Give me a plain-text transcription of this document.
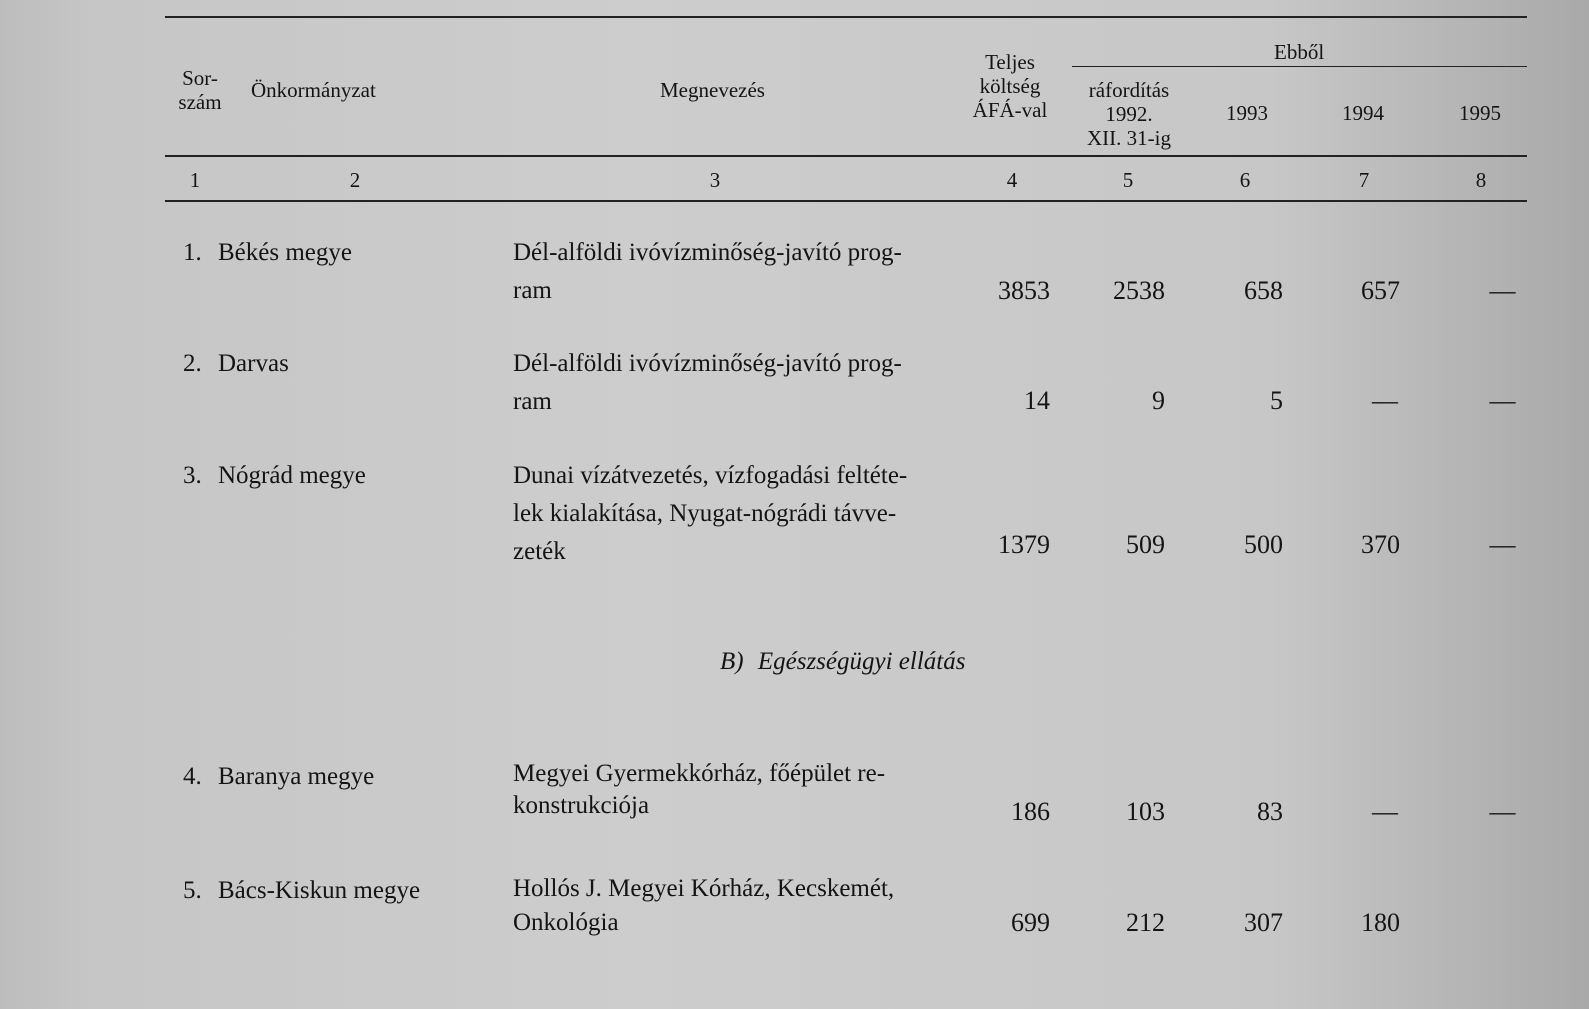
Ebből
Sor-
szám	Önkormányzat	Megnevezés
Teljes
költség
ÁFÁ-val
ráfordítás
1992.
XII. 31-ig
1993	1994	1995
1	2	3	4	5	6	7	8
1. Békés megye	Dél-alföldi ivóvízminőség-javító prog-
ram	3853	2538	658	657	—
2. Darvas	Dél-alföldi ivóvízminőség-javító prog-
ram	14	9	5	—	—
3. Nógrád megye	Dunai vízátvezetés, vízfogadási feltéte-
lek kialakítása, Nyugat-nógrádi távve-
zeték	1379	509	500	370	—
B) Egészségügyi ellátás
4. Baranya megye	Megyei Gyermekkórház, főépület re-
konstrukciója	186	103	83	—	—
5. Bács-Kiskun megye	Hollós J. Megyei Kórház, Kecskemét,
Onkológia	699	212	307	180
